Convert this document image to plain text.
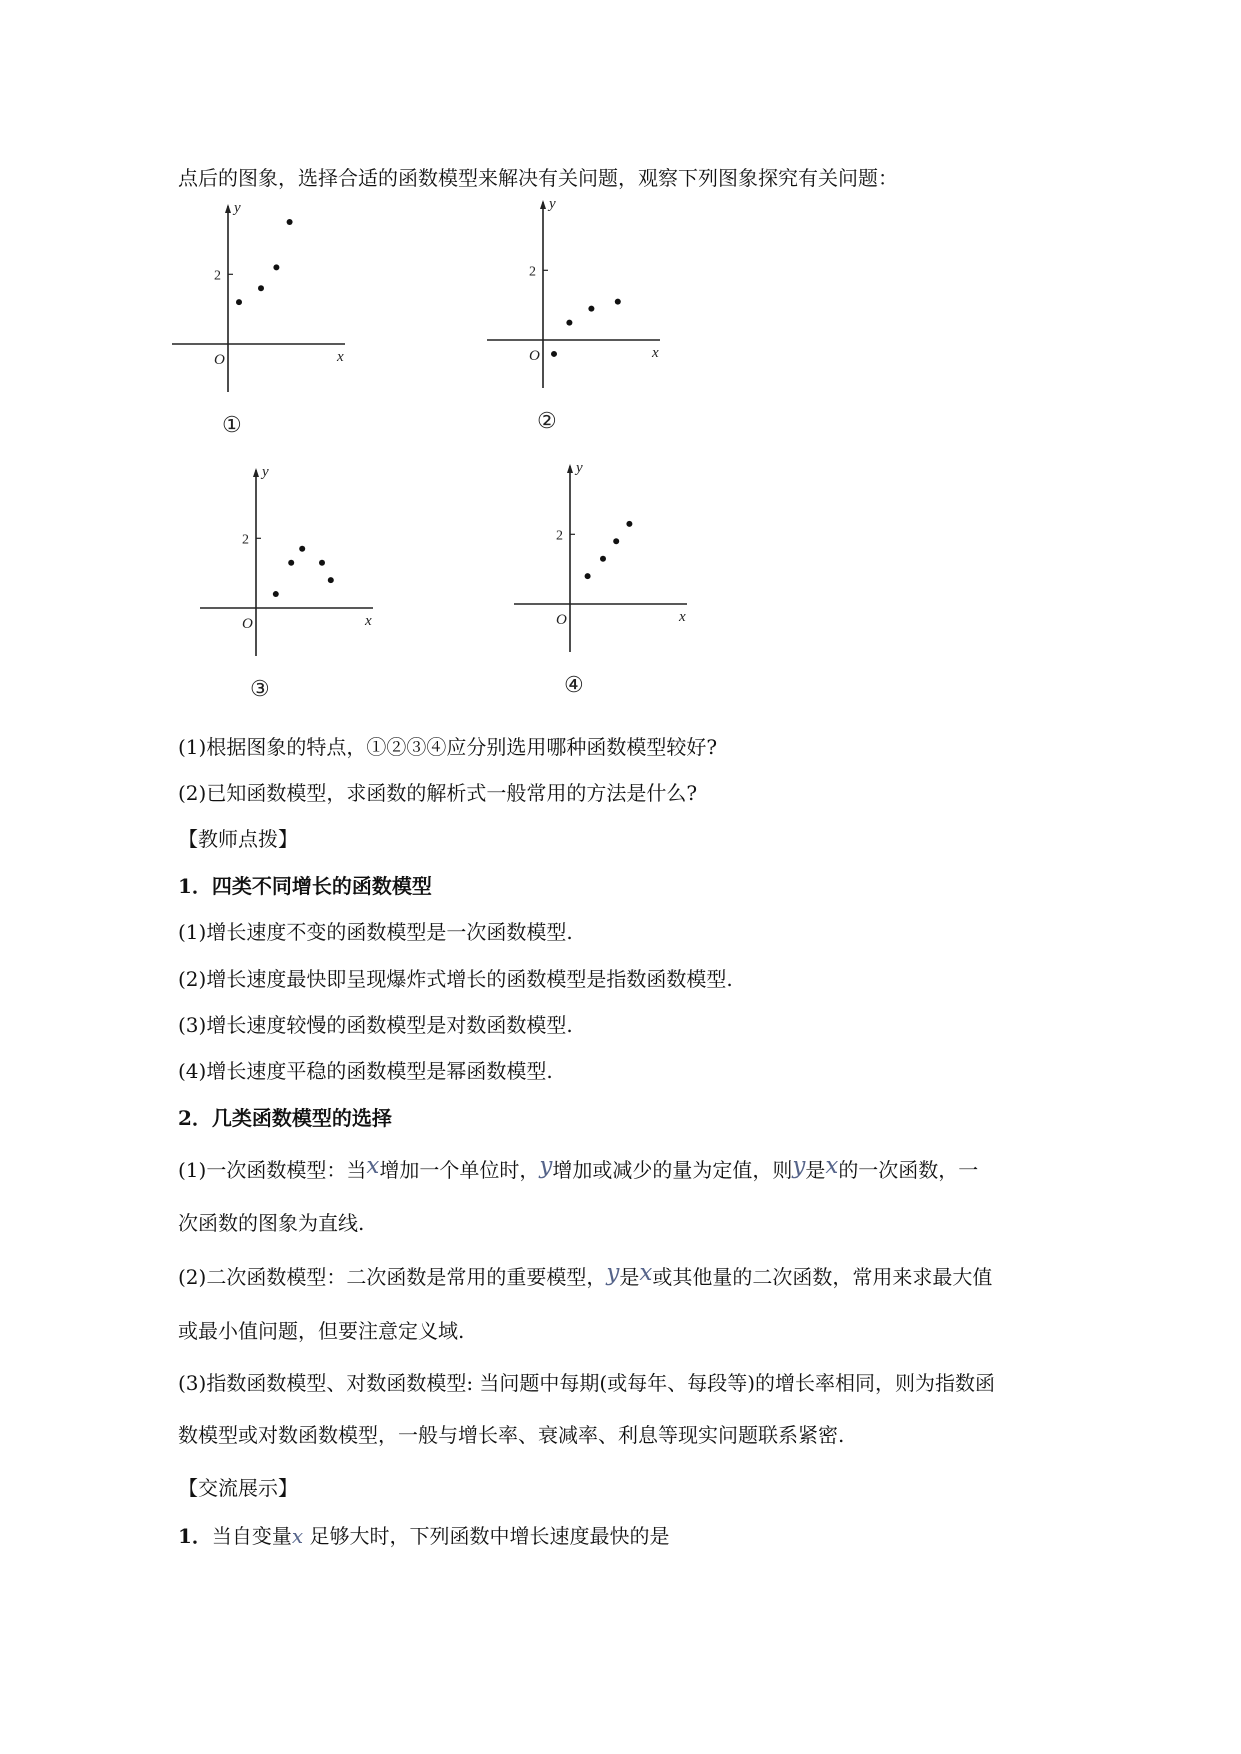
点后的图象，选择合适的函数模型来解决有关问题，观察下列图象探究有关问题：
2
O	x
y
①
2
O	x
y
②
2
O	x
y
③
2
O	x
y
④
(1)根据图象的特点，①②③④应分别选用哪种函数模型较好?
(2)已知函数模型，求函数的解析式一般常用的方法是什么?
【教师点拨】
1．四类不同增长的函数模型
(1)增长速度不变的函数模型是一次函数模型.
(2)增长速度最快即呈现爆炸式增长的函数模型是指数函数模型.
(3)增长速度较慢的函数模型是对数函数模型.
(4)增长速度平稳的函数模型是幂函数模型.
2．几类函数模型的选择
(1)一次函数模型：当x增加一个单位时，y增加或减少的量为定值，则y是x的一次函数，一
次函数的图象为直线.
(2)二次函数模型：二次函数是常用的重要模型，y是x或其他量的二次函数，常用来求最大值
或最小值问题，但要注意定义域.
(3)指数函数模型、对数函数模型: 当问题中每期(或每年、每段等)的增长率相同，则为指数函
数模型或对数函数模型，一般与增长率、衰减率、利息等现实问题联系紧密.
【交流展示】
1．当自变量x 足够大时，下列函数中增长速度最快的是
